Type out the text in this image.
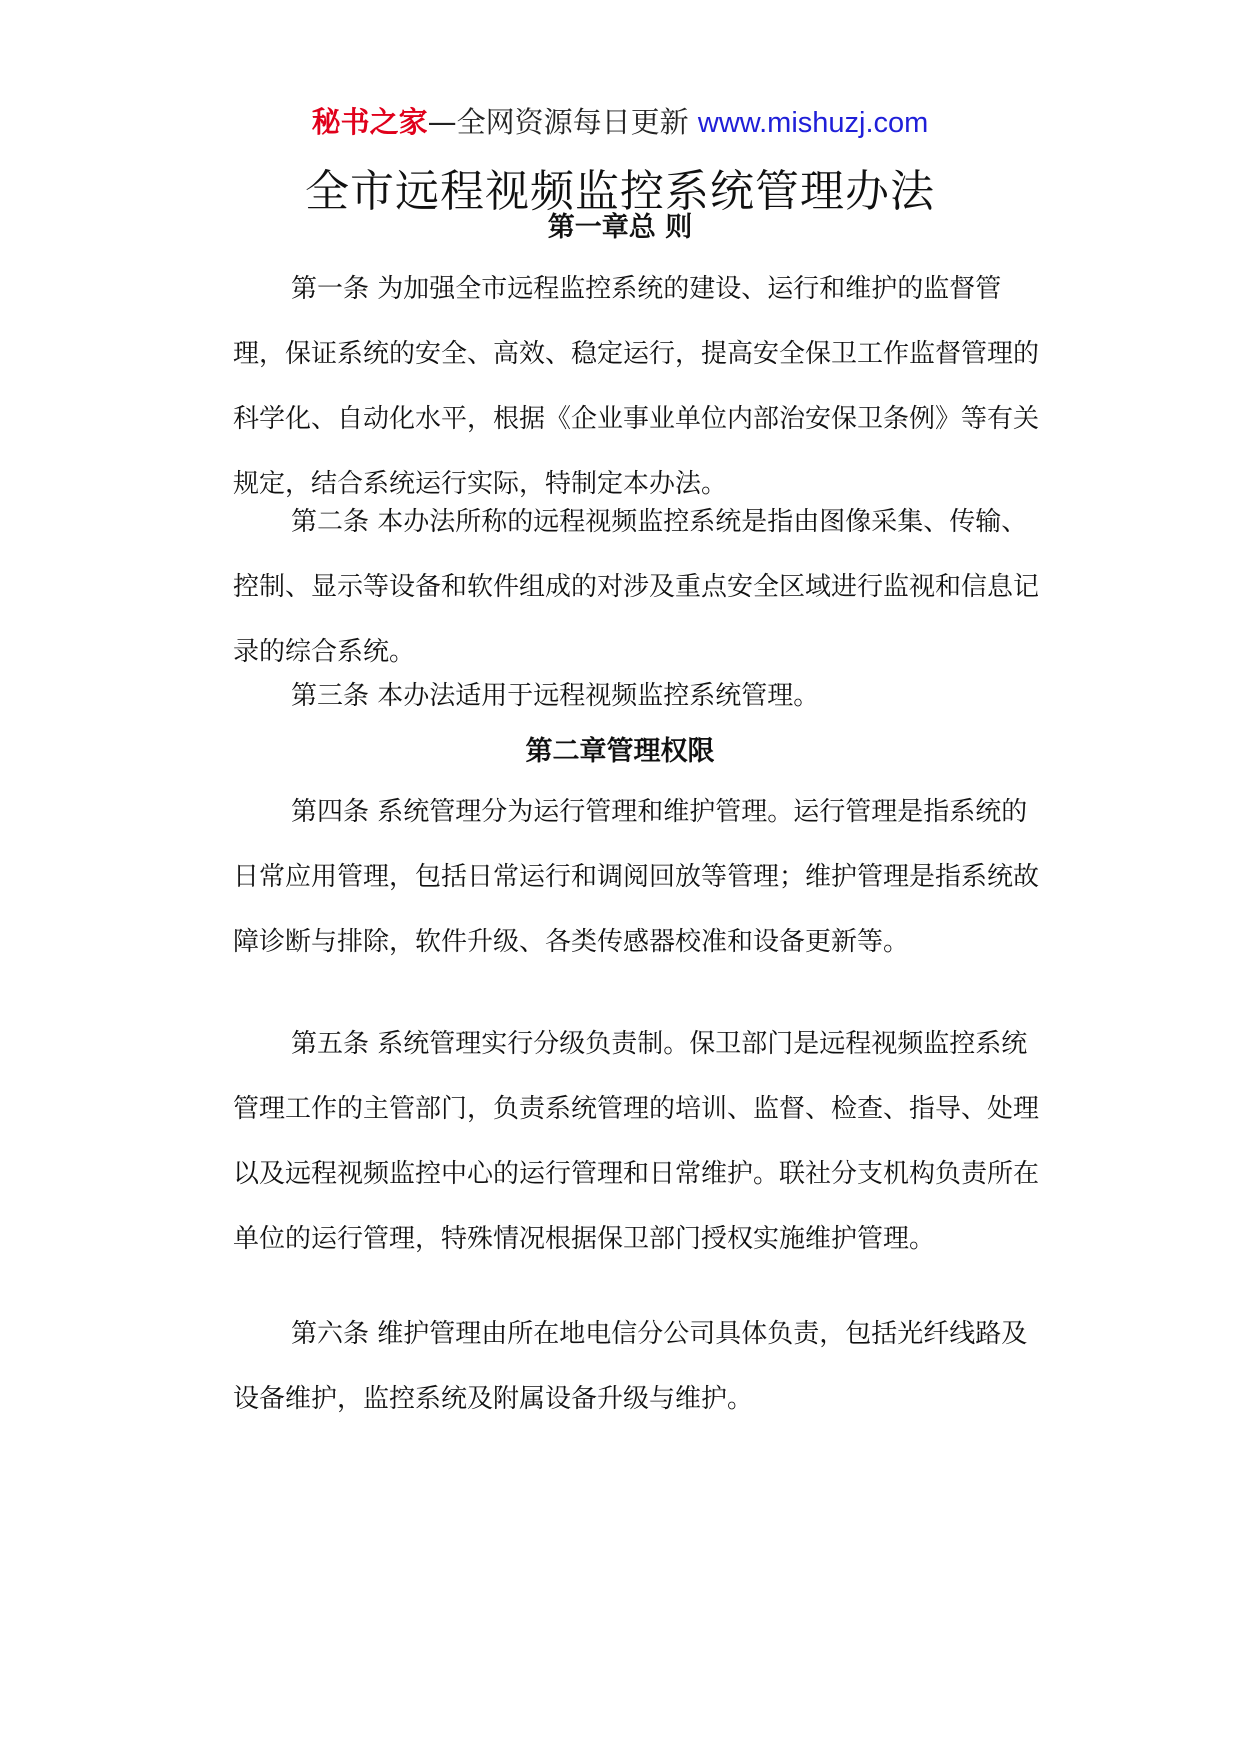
秘书之家—全网资源每日更新 www.mishuzj.com
全市远程视频监控系统管理办法
第一章总 则

第一条 为加强全市远程监控系统的建设、运行和维护的监督管理，保证系统的安全、高效、稳定运行，提高安全保卫工作监督管理的科学化、自动化水平，根据《企业事业单位内部治安保卫条例》等有关规定，结合系统运行实际，特制定本办法。

第二条 本办法所称的远程视频监控系统是指由图像采集、传输、控制、显示等设备和软件组成的对涉及重点安全区域进行监视和信息记录的综合系统。

第三条 本办法适用于远程视频监控系统管理。

第二章管理权限

第四条 系统管理分为运行管理和维护管理。运行管理是指系统的日常应用管理，包括日常运行和调阅回放等管理；维护管理是指系统故障诊断与排除，软件升级、各类传感器校准和设备更新等。

第五条 系统管理实行分级负责制。保卫部门是远程视频监控系统管理工作的主管部门，负责系统管理的培训、监督、检查、指导、处理以及远程视频监控中心的运行管理和日常维护。联社分支机构负责所在单位的运行管理，特殊情况根据保卫部门授权实施维护管理。

第六条 维护管理由所在地电信分公司具体负责，包括光纤线路及设备维护，监控系统及附属设备升级与维护。
